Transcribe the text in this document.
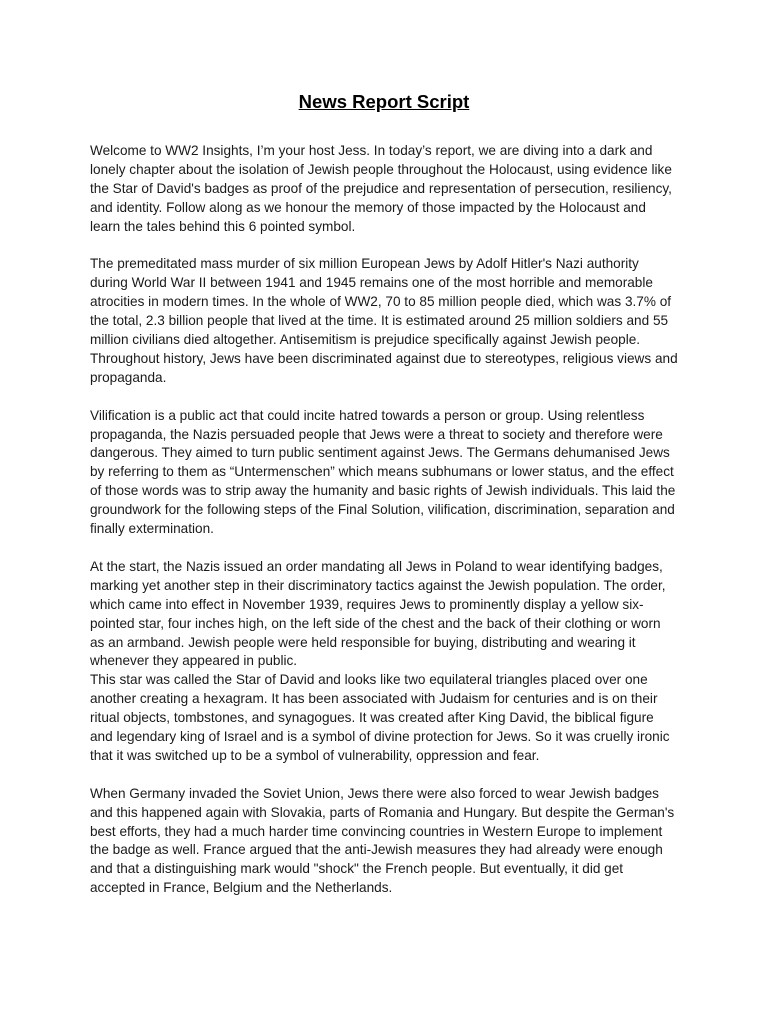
News Report Script

Welcome to WW2 Insights, I’m your host Jess. In today’s report, we are diving into a dark and lonely chapter about the isolation of Jewish people throughout the Holocaust, using evidence like the Star of David's badges as proof of the prejudice and representation of persecution, resiliency, and identity. Follow along as we honour the memory of those impacted by the Holocaust and learn the tales behind this 6 pointed symbol.

The premeditated mass murder of six million European Jews by Adolf Hitler's Nazi authority during World War II between 1941 and 1945 remains one of the most horrible and memorable atrocities in modern times. In the whole of WW2, 70 to 85 million people died, which was 3.7% of the total, 2.3 billion people that lived at the time. It is estimated around 25 million soldiers and 55 million civilians died altogether. Antisemitism is prejudice specifically against Jewish people. Throughout history, Jews have been discriminated against due to stereotypes, religious views and propaganda.

Vilification is a public act that could incite hatred towards a person or group. Using relentless propaganda, the Nazis persuaded people that Jews were a threat to society and therefore were dangerous. They aimed to turn public sentiment against Jews. The Germans dehumanised Jews by referring to them as “Untermenschen” which means subhumans or lower status, and the effect of those words was to strip away the humanity and basic rights of Jewish individuals. This laid the groundwork for the following steps of the Final Solution, vilification, discrimination, separation and finally extermination.

At the start, the Nazis issued an order mandating all Jews in Poland to wear identifying badges, marking yet another step in their discriminatory tactics against the Jewish population. The order, which came into effect in November 1939, requires Jews to prominently display a yellow six-pointed star, four inches high, on the left side of the chest and the back of their clothing or worn as an armband. Jewish people were held responsible for buying, distributing and wearing it whenever they appeared in public.

This star was called the Star of David and looks like two equilateral triangles placed over one another creating a hexagram. It has been associated with Judaism for centuries and is on their ritual objects, tombstones, and synagogues. It was created after King David, the biblical figure and legendary king of Israel and is a symbol of divine protection for Jews. So it was cruelly ironic that it was switched up to be a symbol of vulnerability, oppression and fear.

When Germany invaded the Soviet Union, Jews there were also forced to wear Jewish badges and this happened again with Slovakia, parts of Romania and Hungary. But despite the German's best efforts, they had a much harder time convincing countries in Western Europe to implement the badge as well. France argued that the anti-Jewish measures they had already were enough and that a distinguishing mark would "shock" the French people. But eventually, it did get accepted in France, Belgium and the Netherlands.
